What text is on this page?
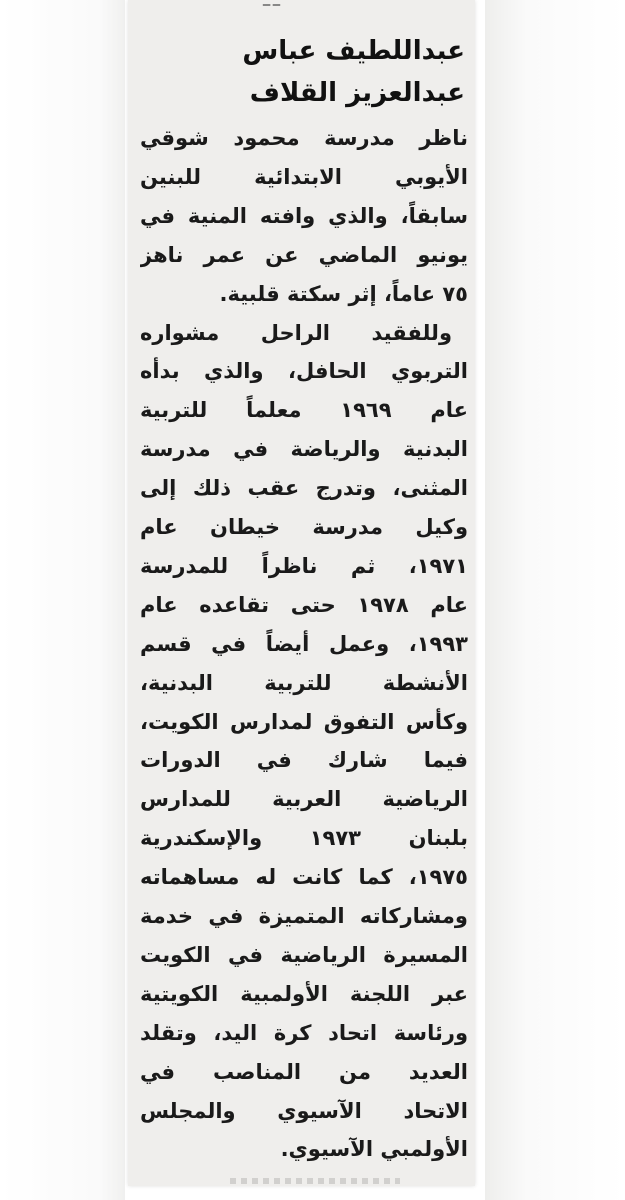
‒‒
عبداللطيف عباس
عبدالعزيز القلاف
ناظر مدرسة محمود شوقي
الأيوبي الابتدائية للبنين
سابقاً، والذي وافته المنية في
يونيو الماضي عن عمر ناهز
٧٥ عاماً، إثر سكتة قلبية.
وللفقيد الراحل مشواره
التربوي الحافل، والذي بدأه
عام ١٩٦٩ معلماً للتربية
البدنية والرياضة في مدرسة
المثنى، وتدرج عقب ذلك إلى
وكيل مدرسة خيطان عام
١٩٧١، ثم ناظراً للمدرسة
عام ١٩٧٨ حتى تقاعده عام
١٩٩٣، وعمل أيضاً في قسم
الأنشطة للتربية البدنية،
وكأس التفوق لمدارس الكويت،
فيما شارك في الدورات
الرياضية العربية للمدارس
بلبنان ١٩٧٣ والإسكندرية
١٩٧٥، كما كانت له مساهماته
ومشاركاته المتميزة في خدمة
المسيرة الرياضية في الكويت
عبر اللجنة الأولمبية الكويتية
ورئاسة اتحاد كرة اليد، وتقلد
العديد من المناصب في
الاتحاد الآسيوي والمجلس
الأولمبي الآسيوي.
